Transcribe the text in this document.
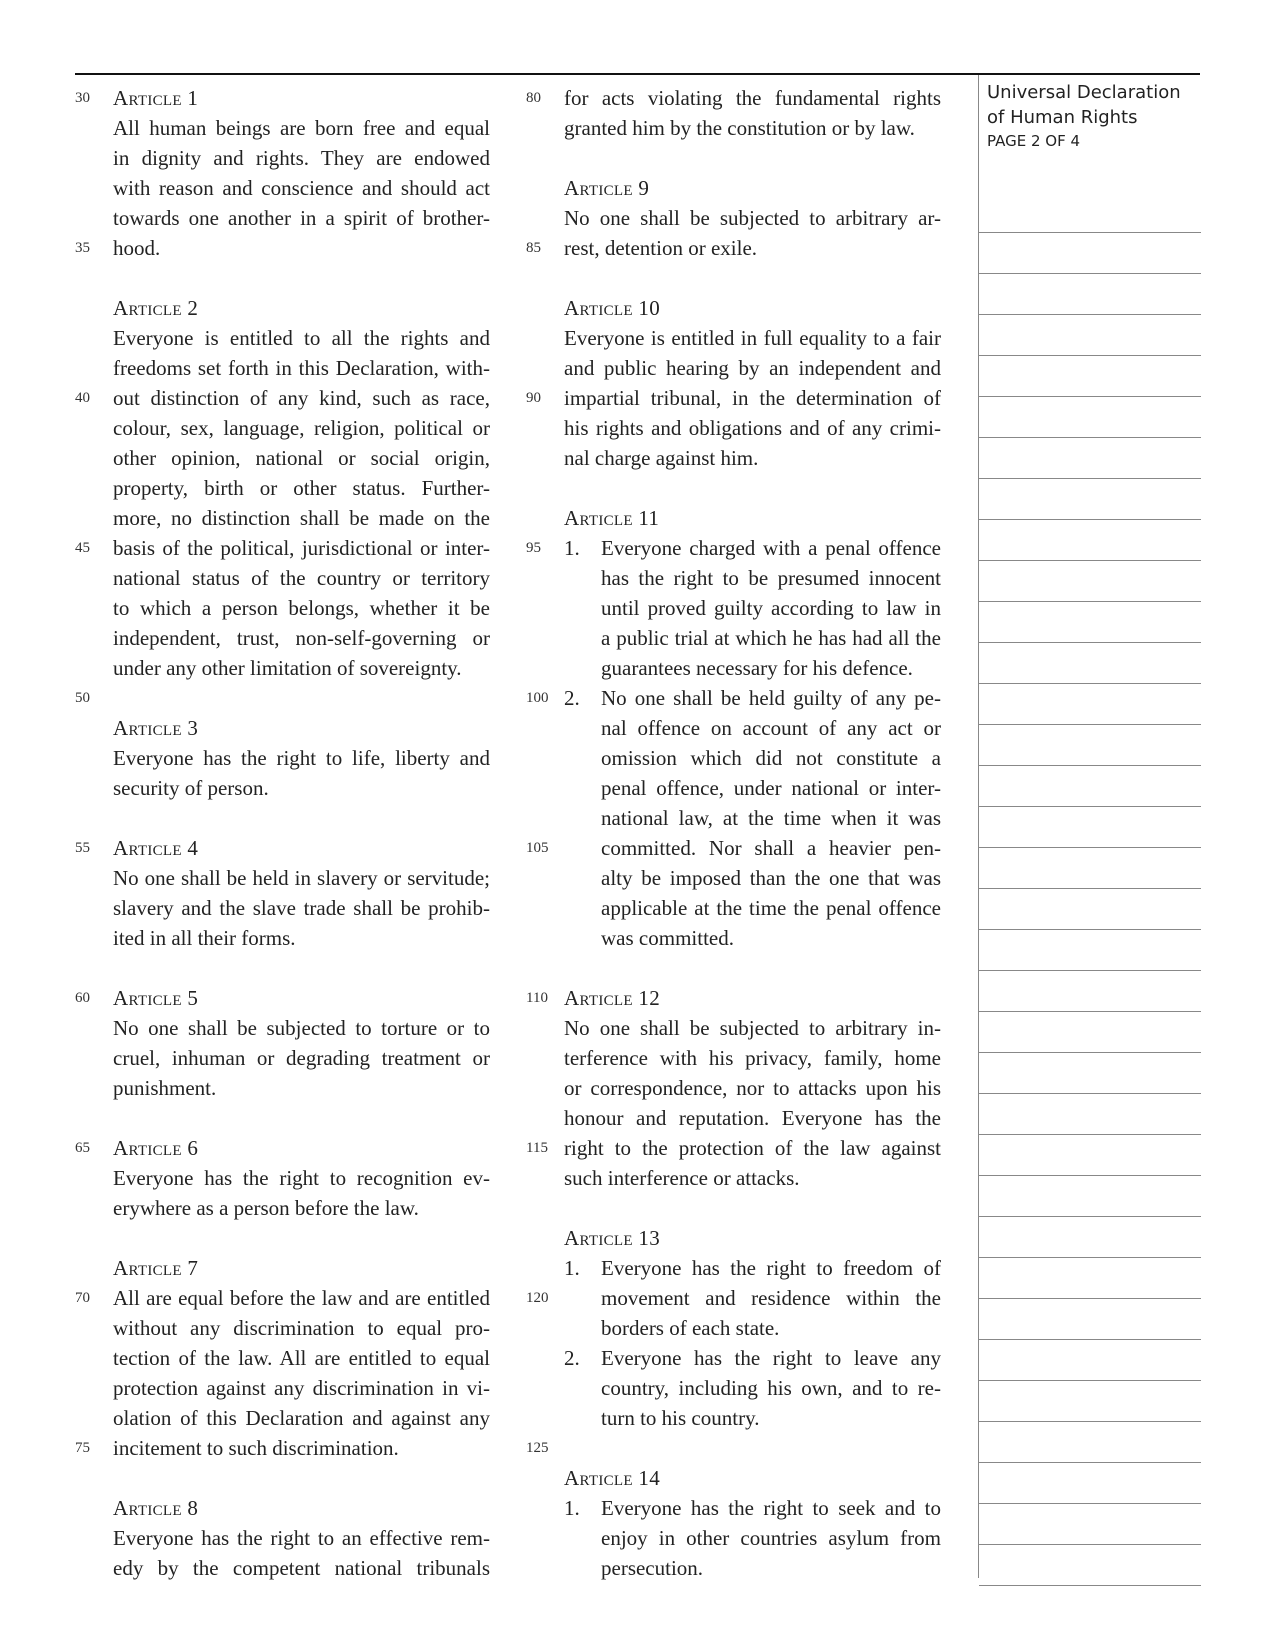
30	Article 1
All human beings are born free and equal
in dignity and rights. They are endowed
with reason and conscience and should act
towards one another in a spirit of brother-
35	hood.
Article 2
Everyone is entitled to all the rights and
freedoms set forth in this Declaration, with-
40	out distinction of any kind, such as race,
colour, sex, language, religion, political or
other opinion, national or social origin,
property, birth or other status. Further-
more, no distinction shall be made on the
45	basis of the political, jurisdictional or inter-
national status of the country or territory
to which a person belongs, whether it be
independent, trust, non-self-governing or
under any other limitation of sovereignty.
50
Article 3
Everyone has the right to life, liberty and
security of person.
55	Article 4
No one shall be held in slavery or servitude;
slavery and the slave trade shall be prohib-
ited in all their forms.
60	Article 5
No one shall be subjected to torture or to
cruel, inhuman or degrading treatment or
punishment.
65	Article 6
Everyone has the right to recognition ev-
erywhere as a person before the law.
Article 7
70	All are equal before the law and are entitled
without any discrimination to equal pro-
tection of the law. All are entitled to equal
protection against any discrimination in vi-
olation of this Declaration and against any
75	incitement to such discrimination.
Article 8
Everyone has the right to an effective rem-
edy by the competent national tribunals
80	for acts violating the fundamental rights
granted him by the constitution or by law.
Article 9
No one shall be subjected to arbitrary ar-
85	rest, detention or exile.
Article 10
Everyone is entitled in full equality to a fair
and public hearing by an independent and
90	impartial tribunal, in the determination of
his rights and obligations and of any crimi-
nal charge against him.
Article 11
95	1. Everyone charged with a penal offence
has the right to be presumed innocent
until proved guilty according to law in
a public trial at which he has had all the
guarantees necessary for his defence.
100 2. No one shall be held guilty of any pe-
nal offence on account of any act or
omission which did not constitute a
penal offence, under national or inter-
national law, at the time when it was
105	committed. Nor shall a heavier pen-
alty be imposed than the one that was
applicable at the time the penal offence
was committed.
110 Article 12
No one shall be subjected to arbitrary in-
terference with his privacy, family, home
or correspondence, nor to attacks upon his
honour and reputation. Everyone has the
115 right to the protection of the law against
such interference or attacks.
Article 13
1. Everyone has the right to freedom of
120	movement and residence within the
borders of each state.
2. Everyone has the right to leave any
country, including his own, and to re-
turn to his country.
125
Article 14
1. Everyone has the right to seek and to
enjoy in other countries asylum from
persecution.
Universal Declaration
of Human Rights
PAGE 2 OF 4
